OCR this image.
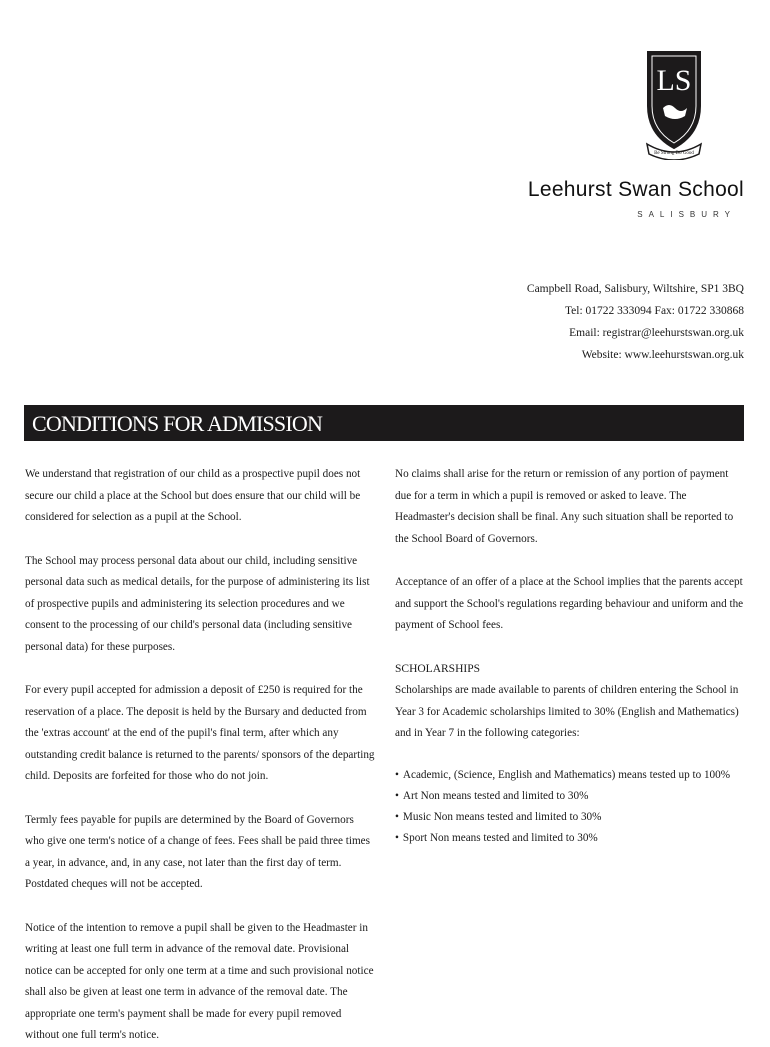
LS
Be Strong Do Good
Leehurst Swan School
SALISBURY
Campbell Road, Salisbury, Wiltshire, SP1 3BQ
Tel: 01722 333094 Fax: 01722 330868
Email: registrar@leehurstswan.org.uk
Website: www.leehurstswan.org.uk
CONDITIONS FOR ADMISSION

We understand that registration of our child as a prospective pupil does not secure our child a place at the School but does ensure that our child will be considered for selection as a pupil at the School.

The School may process personal data about our child, including sensitive personal data such as medical details, for the purpose of administering its list of prospective pupils and administering its selection procedures and we consent to the processing of our child's personal data (including sensitive personal data) for these purposes.

For every pupil accepted for admission a deposit of £250 is required for the reservation of a place. The deposit is held by the Bursary and deducted from the 'extras account' at the end of the pupil's final term, after which any outstanding credit balance is returned to the parents/ sponsors of the departing child. Deposits are forfeited for those who do not join.

Termly fees payable for pupils are determined by the Board of Governors who give one term's notice of a change of fees. Fees shall be paid three times a year, in advance, and, in any case, not later than the first day of term. Postdated cheques will not be accepted.

Notice of the intention to remove a pupil shall be given to the Headmaster in writing at least one full term in advance of the removal date. Provisional notice can be accepted for only one term at a time and such provisional notice shall also be given at least one term in advance of the removal date. The appropriate one term's payment shall be made for every pupil removed without one full term's notice.

No claims shall arise for the return or remission of any portion of payment due for a term in which a pupil is removed or asked to leave. The Headmaster's decision shall be final. Any such situation shall be reported to the School Board of Governors.

Acceptance of an offer of a place at the School implies that the parents accept and support the School's regulations regarding behaviour and uniform and the payment of School fees.

SCHOLARSHIPS

Scholarships are made available to parents of children entering the School in Year 3 for Academic scholarships limited to 30% (English and Mathematics) and in Year 7 in the following categories:

• Academic, (Science, English and Mathematics) means tested up to 100%
• Art Non means tested and limited to 30%
• Music Non means tested and limited to 30%
• Sport Non means tested and limited to 30%
